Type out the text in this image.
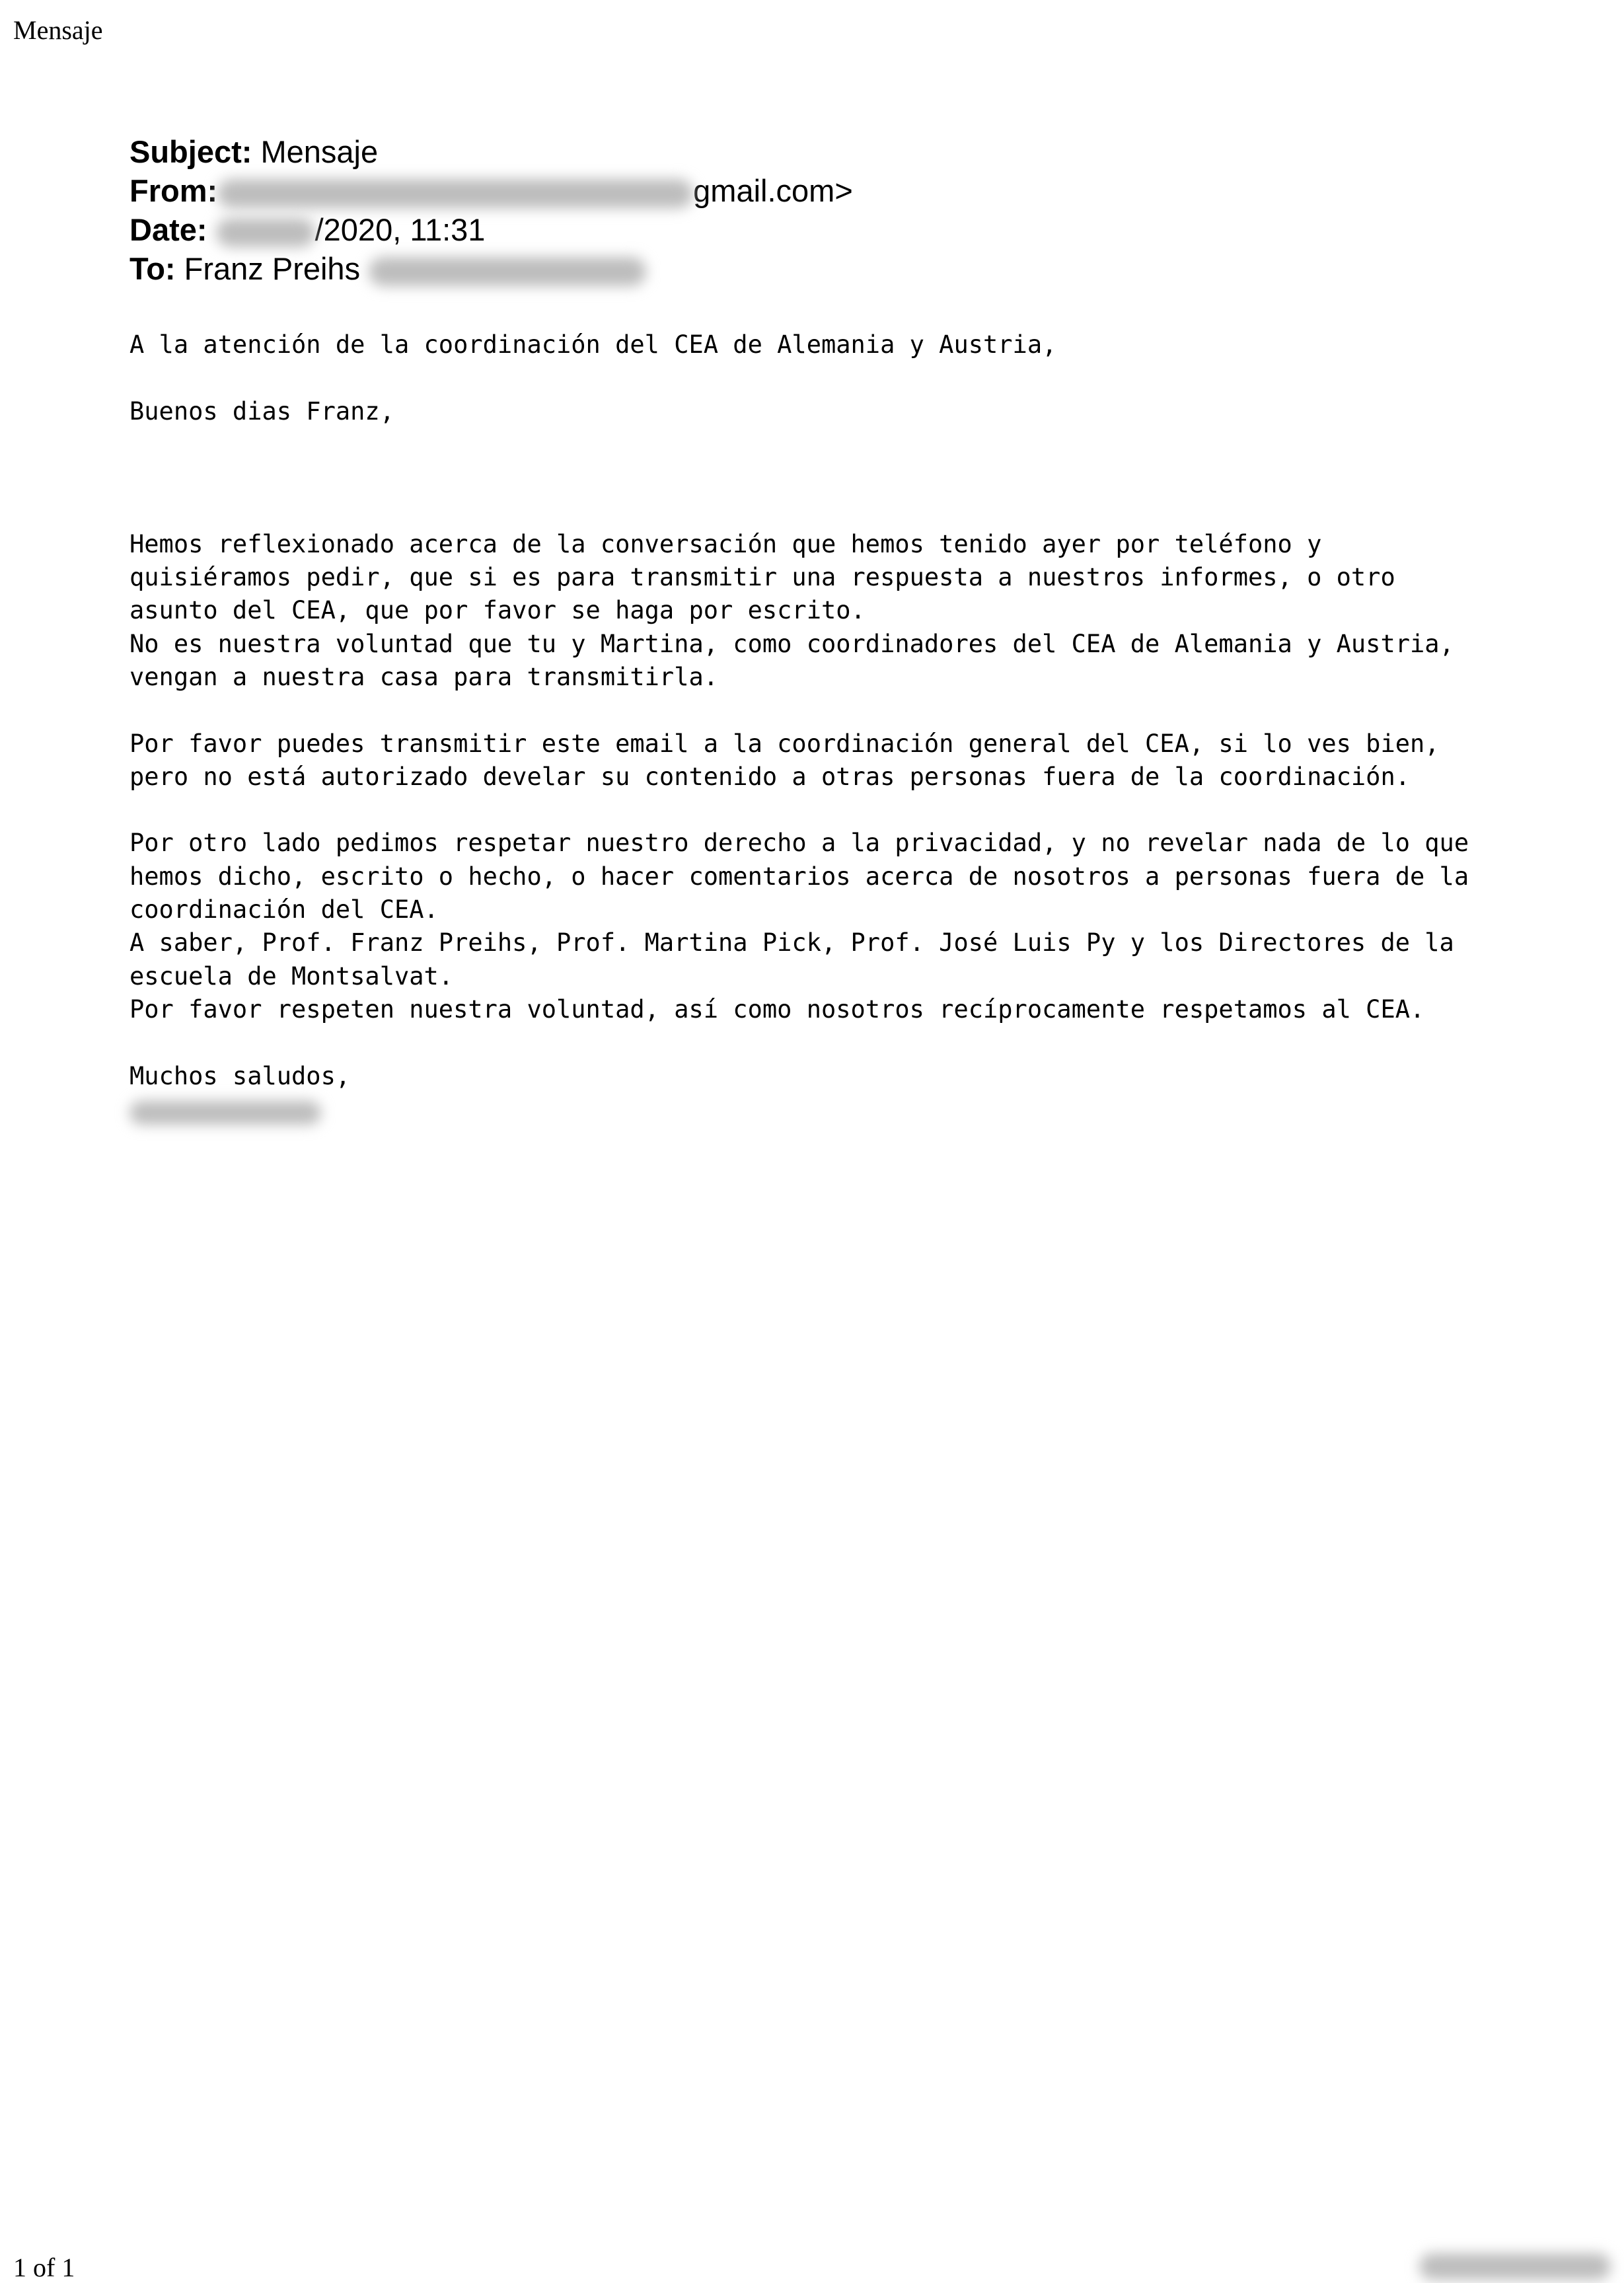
Mensaje
Subject: Mensaje
From:	gmail.com>
Date:	/2020, 11:31
To: Franz Preihs
A la atención de la coordinación del CEA de Alemania y Austria,
Buenos dias Franz,
Hemos reflexionado acerca de la conversación que hemos tenido ayer por teléfono y
quisiéramos pedir, que si es para transmitir una respuesta a nuestros informes, o otro
asunto del CEA, que por favor se haga por escrito.
No es nuestra voluntad que tu y Martina, como coordinadores del CEA de Alemania y Austria,
vengan a nuestra casa para transmitirla.
Por favor puedes transmitir este email a la coordinación general del CEA, si lo ves bien,
pero no está autorizado develar su contenido a otras personas fuera de la coordinación.
Por otro lado pedimos respetar nuestro derecho a la privacidad, y no revelar nada de lo que
hemos dicho, escrito o hecho, o hacer comentarios acerca de nosotros a personas fuera de la
coordinación del CEA.
A saber, Prof. Franz Preihs, Prof. Martina Pick, Prof. José Luis Py y los Directores de la
escuela de Montsalvat.
Por favor respeten nuestra voluntad, así como nosotros recíprocamente respetamos al CEA.
Muchos saludos,
1 of 1
